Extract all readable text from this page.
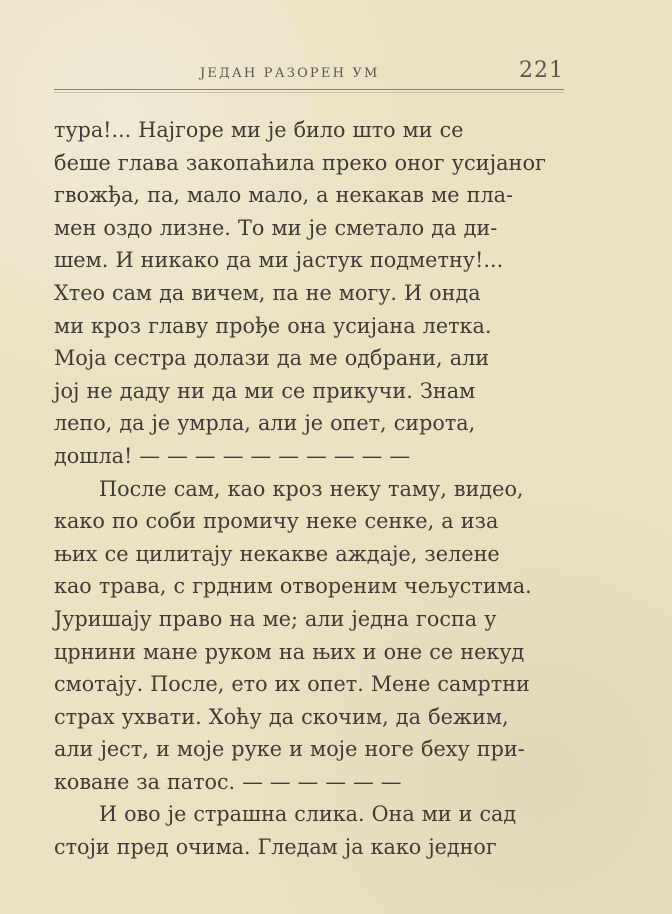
ЈЕДАН РАЗОРЕН УМ	221
тура!... Најгоре ми је било што ми се
беше глава закопаћила преко оног усијаног
гвожђа, па, мало мало, а некакав ме пла-
мен оздо лизне. То ми је сметало да ди-
шем. И никако да ми јастук подметну!...
Хтео сам да вичем, па не могу. И онда
ми кроз главу прође она усијана летка.
Моја сестра долази да ме одбрани, али
јој не даду ни да ми се прикучи. Знам
лепо, да је умрла, али је опет, сирота,
дошла! — — — — — — — — — —
После сам, као кроз неку таму, видео,
како по соби промичу неке сенке, а иза
њих се цилитају некакве аждаје, зелене
као трава, с грдним отвореним чељустима.
Јуришају право на ме; али једна госпа у
црнини мане руком на њих и оне се некуд
смотају. После, ето их опет. Мене самртни
страх ухвати. Хоћу да скочим, да бежим,
али јест, и моје руке и моје ноге беху при-
коване за патос. — — — — — —
И ово је страшна слика. Она ми и сад
стоји пред очима. Гледам ја како једног
